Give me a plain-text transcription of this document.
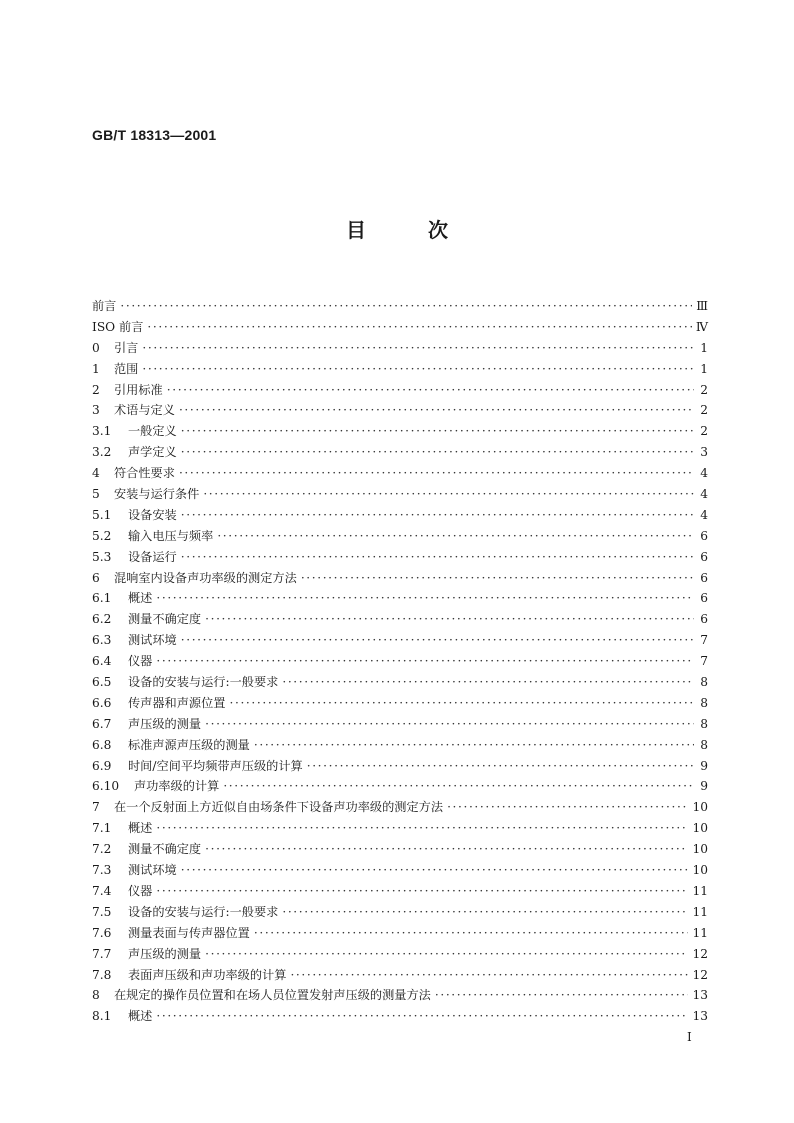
GB/T 18313—2001
目	次
前言 ·····	Ⅲ
ISO 前言 ·····	Ⅳ
0	引言 ·····	1
1	范围 ·····	1
2	引用标准 ·····	2
3	术语与定义 ·····	2
3.1	一般定义 ·····	2
3.2	声学定义 ·····	3
4	符合性要求 ·····	4
5	安装与运行条件 ·····	4
5.1	设备安装 ·····	4
5.2	输入电压与频率 ·····	6
5.3	设备运行 ·····	6
6	混响室内设备声功率级的测定方法 ·····	6
6.1	概述 ·····	6
6.2	测量不确定度 ·····	6
6.3	测试环境 ·····	7
6.4	仪器 ·····	7
6.5	设备的安装与运行:一般要求 ·····	8
6.6	传声器和声源位置 ·····	8
6.7	声压级的测量 ·····	8
6.8	标准声源声压级的测量 ·····	8
6.9	时间/空间平均频带声压级的计算 ·····	9
6.10	声功率级的计算 ·····	9
7	在一个反射面上方近似自由场条件下设备声功率级的测定方法 ·····	10
7.1	概述 ·····	10
7.2	测量不确定度 ·····	10
7.3	测试环境 ·····	10
7.4	仪器 ·····	11
7.5	设备的安装与运行:一般要求 ·····	11
7.6	测量表面与传声器位置 ·····	11
7.7	声压级的测量 ·····	12
7.8	表面声压级和声功率级的计算 ·····	12
8	在规定的操作员位置和在场人员位置发射声压级的测量方法 ·····	13
8.1	概述 ·····	13
Ⅰ
